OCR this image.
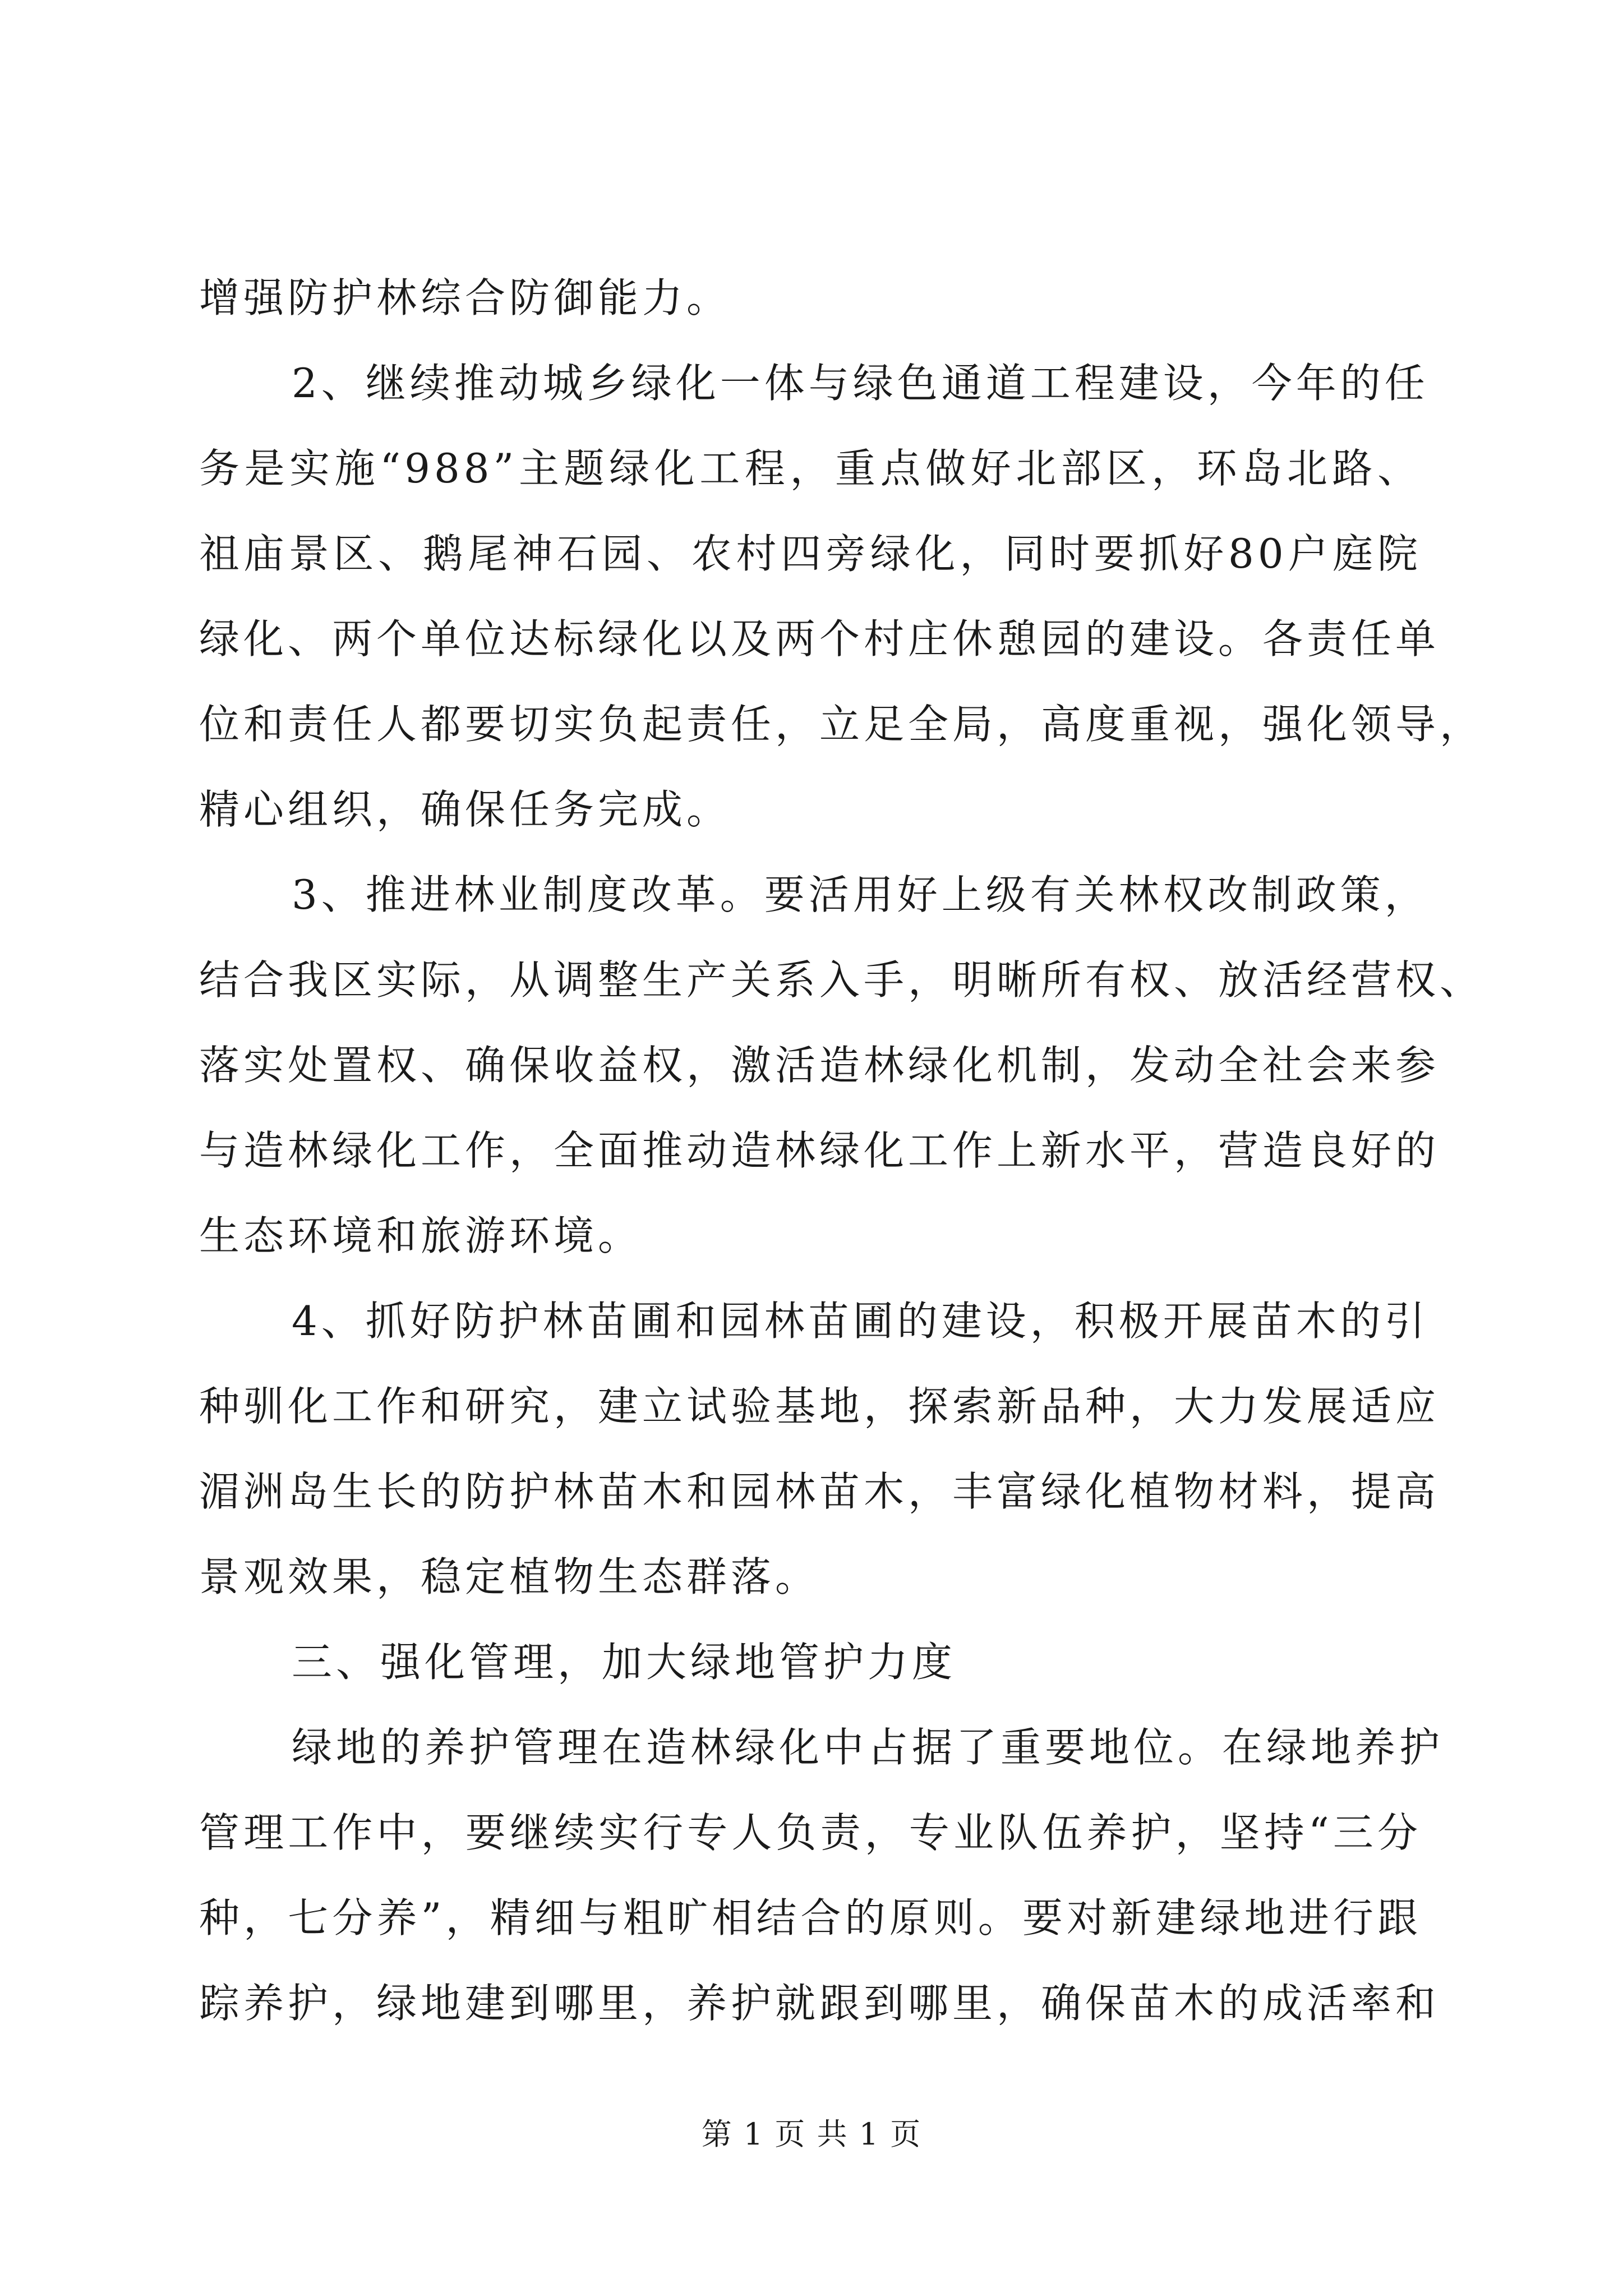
增强防护林综合防御能力。
2、继续推动城乡绿化一体与绿色通道工程建设，今年的任
务是实施“988”主题绿化工程，重点做好北部区，环岛北路、
祖庙景区、鹅尾神石园、农村四旁绿化，同时要抓好80户庭院
绿化、两个单位达标绿化以及两个村庄休憩园的建设。各责任单
位和责任人都要切实负起责任，立足全局，高度重视，强化领导，
精心组织，确保任务完成。
3、推进林业制度改革。要活用好上级有关林权改制政策，
结合我区实际，从调整生产关系入手，明晰所有权、放活经营权、
落实处置权、确保收益权，激活造林绿化机制，发动全社会来参
与造林绿化工作，全面推动造林绿化工作上新水平，营造良好的
生态环境和旅游环境。
4、抓好防护林苗圃和园林苗圃的建设，积极开展苗木的引
种驯化工作和研究，建立试验基地，探索新品种，大力发展适应
湄洲岛生长的防护林苗木和园林苗木，丰富绿化植物材料，提高
景观效果，稳定植物生态群落。
三、强化管理，加大绿地管护力度
绿地的养护管理在造林绿化中占据了重要地位。在绿地养护
管理工作中，要继续实行专人负责，专业队伍养护，坚持“三分
种，七分养”，精细与粗旷相结合的原则。要对新建绿地进行跟
踪养护，绿地建到哪里，养护就跟到哪里，确保苗木的成活率和
第 1 页 共 1 页
